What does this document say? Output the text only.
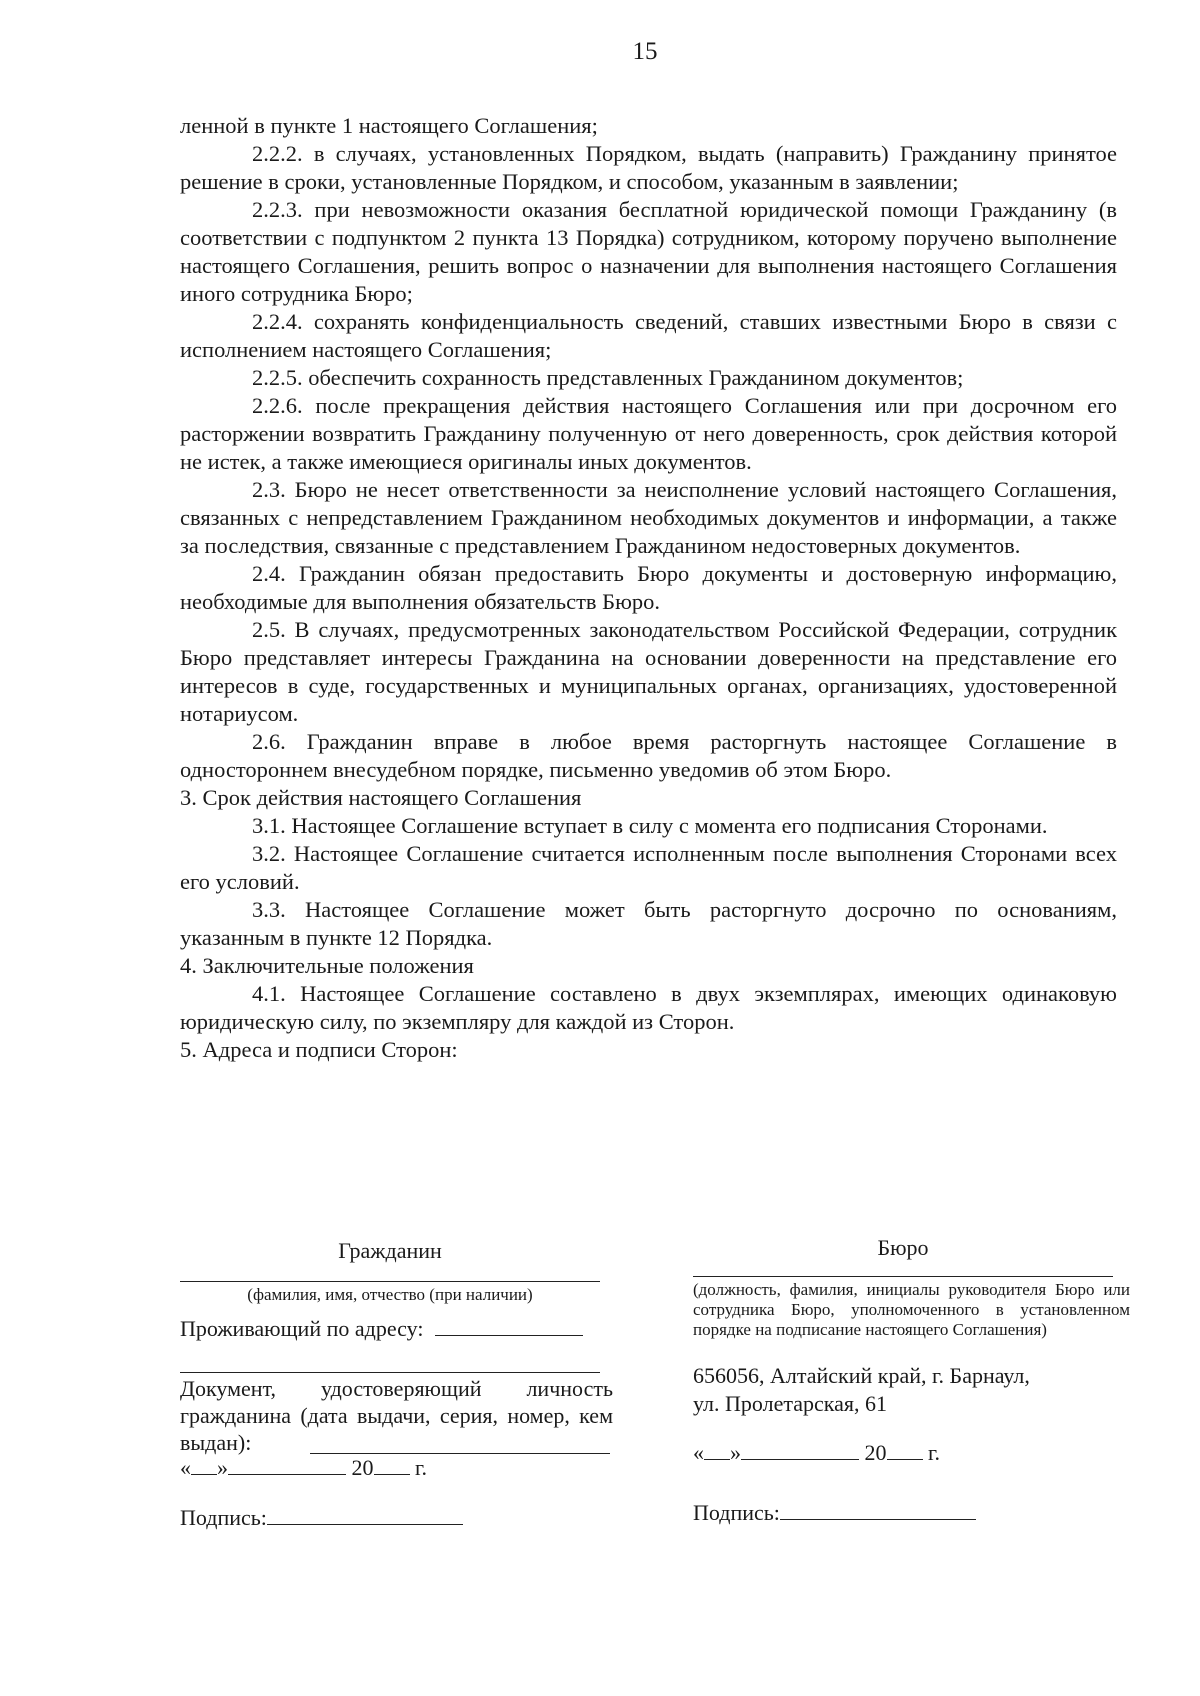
15

ленной в пункте 1 настоящего Соглашения;

2.2.2. в случаях, установленных Порядком, выдать (направить) Гражданину принятое решение в сроки, установленные Порядком, и способом, указанным в заявлении;

2.2.3. при невозможности оказания бесплатной юридической помощи Гражданину (в соответствии с подпунктом 2 пункта 13 Порядка) сотрудником, которому поручено выполнение настоящего Соглашения, решить вопрос о назначении для выполнения настоящего Соглашения иного сотрудника Бюро;

2.2.4. сохранять конфиденциальность сведений, ставших известными Бюро в связи с исполнением настоящего Соглашения;

2.2.5. обеспечить сохранность представленных Гражданином документов;

2.2.6. после прекращения действия настоящего Соглашения или при досрочном его расторжении возвратить Гражданину полученную от него доверенность, срок действия которой не истек, а также имеющиеся оригиналы иных документов.

2.3. Бюро не несет ответственности за неисполнение условий настоящего Соглашения, связанных с непредставлением Гражданином необходимых документов и информации, а также за последствия, связанные с представлением Гражданином недостоверных документов.

2.4. Гражданин обязан предоставить Бюро документы и достоверную информацию, необходимые для выполнения обязательств Бюро.

2.5. В случаях, предусмотренных законодательством Российской Федерации, сотрудник Бюро представляет интересы Гражданина на основании доверенности на представление его интересов в суде, государственных и муниципальных органах, организациях, удостоверенной нотариусом.

2.6. Гражданин вправе в любое время расторгнуть настоящее Соглашение в одностороннем внесудебном порядке, письменно уведомив об этом Бюро.

3. Срок действия настоящего Соглашения

3.1. Настоящее Соглашение вступает в силу с момента его подписания Сторонами.

3.2. Настоящее Соглашение считается исполненным после выполнения Сторонами всех его условий.

3.3. Настоящее Соглашение может быть расторгнуто досрочно по основаниям, указанным в пункте 12 Порядка.

4. Заключительные положения

4.1. Настоящее Соглашение составлено в двух экземплярах, имеющих одинаковую юридическую силу, по экземпляру для каждой из Сторон.

5. Адреса и подписи Сторон:

Гражданин
(фамилия, имя, отчество (при наличии)
Проживающий по адресу:
Документ, удостоверяющий личность гражданина (дата выдачи, серия, номер, кем выдан):
« »	20 г.
Подпись:
Бюро
(должность, фамилия, инициалы руководителя Бюро или сотрудника Бюро, уполномоченного в установленном порядке на подписание настоящего Соглашения)
656056, Алтайский край, г. Барнаул,
ул. Пролетарская, 61
« »	20 г.
Подпись:
